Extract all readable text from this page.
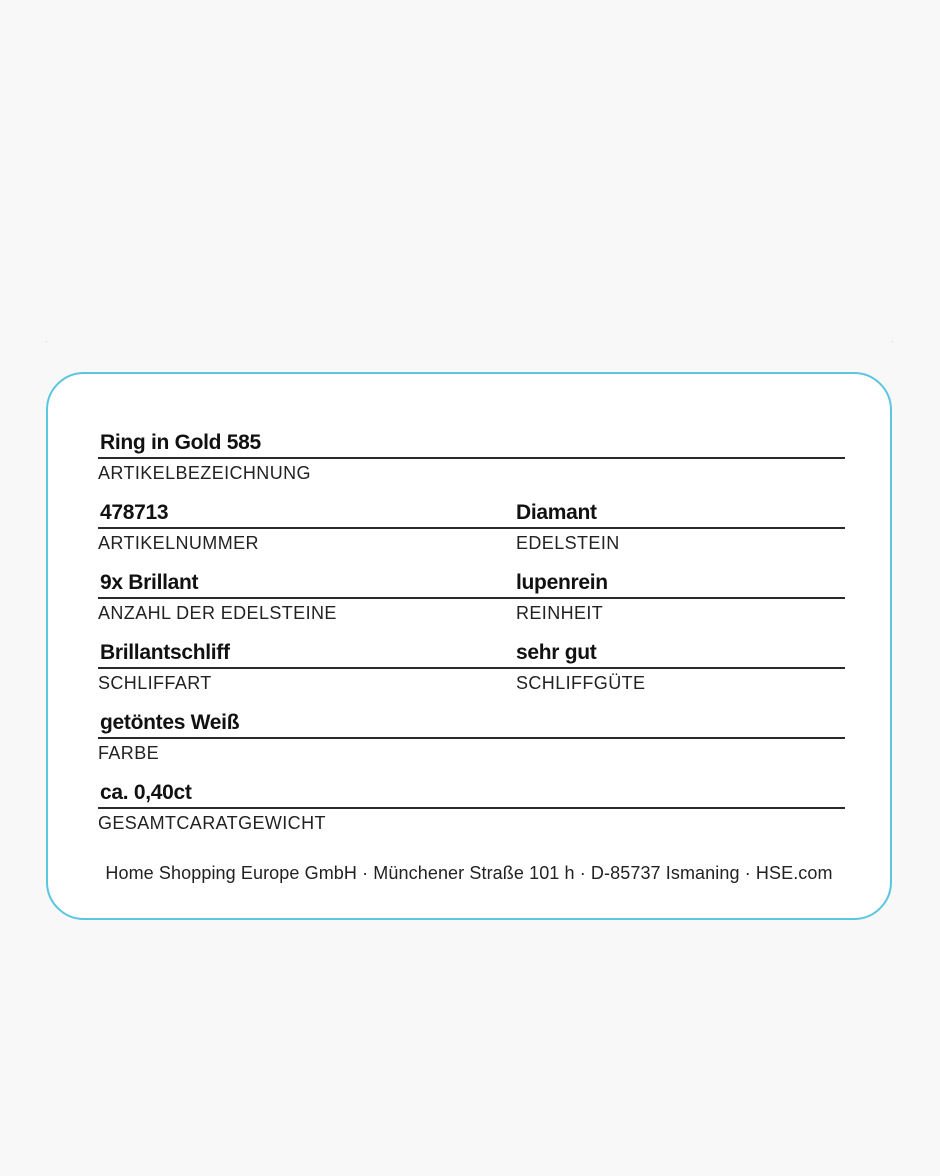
Ring in Gold 585
ARTIKELBEZEICHNUNG
478713
ARTIKELNUMMER
Diamant
EDELSTEIN
9x Brillant
ANZAHL DER EDELSTEINE
lupenrein
REINHEIT
Brillantschliff
SCHLIFFART
sehr gut
SCHLIFFGÜTE
getöntes Weiß
FARBE
ca. 0,40ct
GESAMTCARATGEWICHT
Home Shopping Europe GmbH · Münchener Straße 101 h · D-85737 Ismaning · HSE.com
